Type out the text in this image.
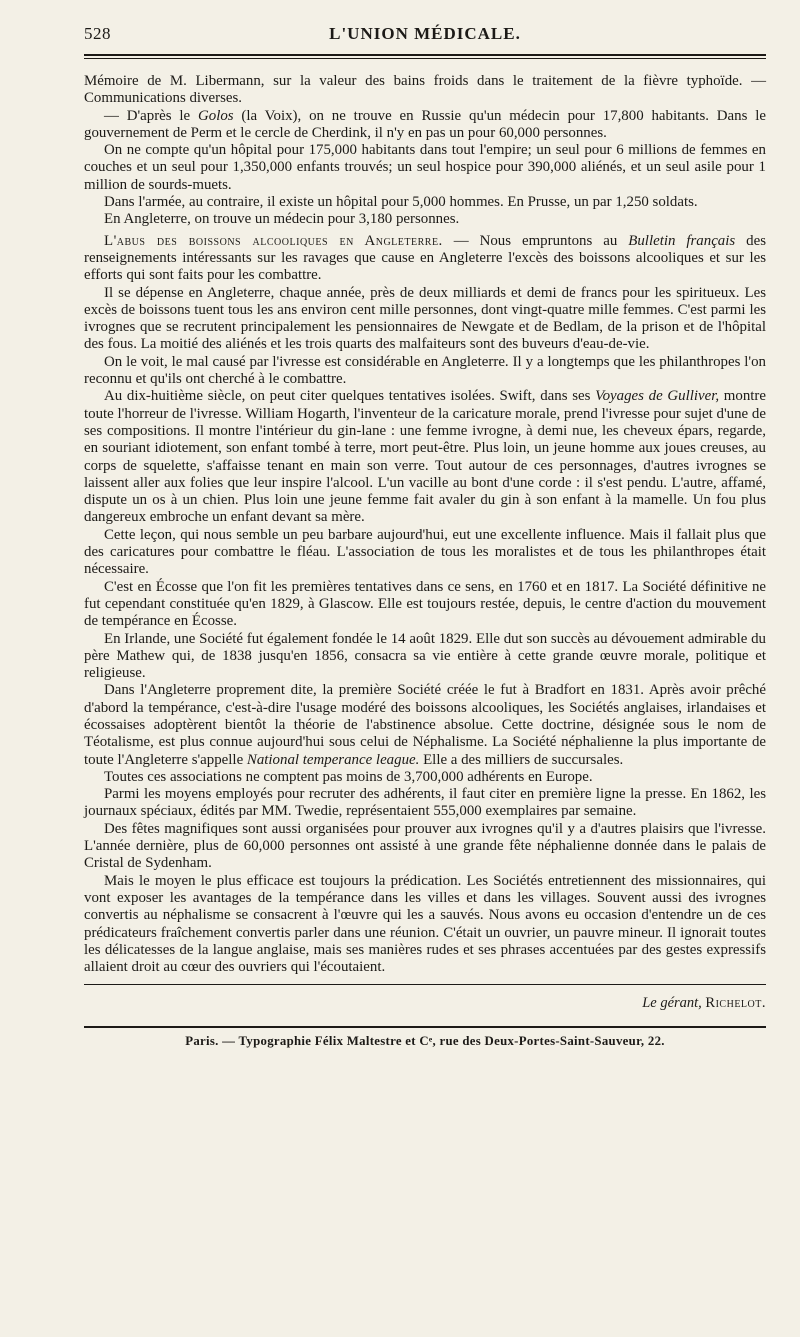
528	L'UNION MÉDICALE.

Mémoire de M. Libermann, sur la valeur des bains froids dans le traitement de la fièvre typhoïde. — Communications diverses.

— D'après le Golos (la Voix), on ne trouve en Russie qu'un médecin pour 17,800 habitants. Dans le gouvernement de Perm et le cercle de Cherdink, il n'y en pas un pour 60,000 personnes.

On ne compte qu'un hôpital pour 175,000 habitants dans tout l'empire; un seul pour 6 millions de femmes en couches et un seul pour 1,350,000 enfants trouvés; un seul hospice pour 390,000 aliénés, et un seul asile pour 1 million de sourds-muets.

Dans l'armée, au contraire, il existe un hôpital pour 5,000 hommes. En Prusse, un par 1,250 soldats.

En Angleterre, on trouve un médecin pour 3,180 personnes.

L'abus des boissons alcooliques en Angleterre. — Nous empruntons au Bulletin français des renseignements intéressants sur les ravages que cause en Angleterre l'excès des boissons alcooliques et sur les efforts qui sont faits pour les combattre.

Il se dépense en Angleterre, chaque année, près de deux milliards et demi de francs pour les spiritueux. Les excès de boissons tuent tous les ans environ cent mille personnes, dont vingt-quatre mille femmes. C'est parmi les ivrognes que se recrutent principalement les pensionnaires de Newgate et de Bedlam, de la prison et de l'hôpital des fous. La moitié des aliénés et les trois quarts des malfaiteurs sont des buveurs d'eau-de-vie.

On le voit, le mal causé par l'ivresse est considérable en Angleterre. Il y a longtemps que les philanthropes l'on reconnu et qu'ils ont cherché à le combattre.

Au dix-huitième siècle, on peut citer quelques tentatives isolées. Swift, dans ses Voyages de Gulliver, montre toute l'horreur de l'ivresse. William Hogarth, l'inventeur de la caricature morale, prend l'ivresse pour sujet d'une de ses compositions. Il montre l'intérieur du gin-lane : une femme ivrogne, à demi nue, les cheveux épars, regarde, en souriant idiotement, son enfant tombé à terre, mort peut-être. Plus loin, un jeune homme aux joues creuses, au corps de squelette, s'affaisse tenant en main son verre. Tout autour de ces personnages, d'autres ivrognes se laissent aller aux folies que leur inspire l'alcool. L'un vacille au bont d'une corde : il s'est pendu. L'autre, affamé, dispute un os à un chien. Plus loin une jeune femme fait avaler du gin à son enfant à la mamelle. Un fou plus dangereux embroche un enfant devant sa mère.

Cette leçon, qui nous semble un peu barbare aujourd'hui, eut une excellente influence. Mais il fallait plus que des caricatures pour combattre le fléau. L'association de tous les moralistes et de tous les philanthropes était nécessaire.

C'est en Écosse que l'on fit les premières tentatives dans ce sens, en 1760 et en 1817. La Société définitive ne fut cependant constituée qu'en 1829, à Glascow. Elle est toujours restée, depuis, le centre d'action du mouvement de tempérance en Écosse.

En Irlande, une Société fut également fondée le 14 août 1829. Elle dut son succès au dévouement admirable du père Mathew qui, de 1838 jusqu'en 1856, consacra sa vie entière à cette grande œuvre morale, politique et religieuse.

Dans l'Angleterre proprement dite, la première Société créée le fut à Bradfort en 1831. Après avoir prêché d'abord la tempérance, c'est-à-dire l'usage modéré des boissons alcooliques, les Sociétés anglaises, irlandaises et écossaises adoptèrent bientôt la théorie de l'abstinence absolue. Cette doctrine, désignée sous le nom de Téotalisme, est plus connue aujourd'hui sous celui de Néphalisme. La Société néphalienne la plus importante de toute l'Angleterre s'appelle National temperance league. Elle a des milliers de succursales.

Toutes ces associations ne comptent pas moins de 3,700,000 adhérents en Europe.

Parmi les moyens employés pour recruter des adhérents, il faut citer en première ligne la presse. En 1862, les journaux spéciaux, édités par MM. Twedie, représentaient 555,000 exemplaires par semaine.

Des fêtes magnifiques sont aussi organisées pour prouver aux ivrognes qu'il y a d'autres plaisirs que l'ivresse. L'année dernière, plus de 60,000 personnes ont assisté à une grande fête néphalienne donnée dans le palais de Cristal de Sydenham.

Mais le moyen le plus efficace est toujours la prédication. Les Sociétés entretiennent des missionnaires, qui vont exposer les avantages de la tempérance dans les villes et dans les villages. Souvent aussi des ivrognes convertis au néphalisme se consacrent à l'œuvre qui les a sauvés. Nous avons eu occasion d'entendre un de ces prédicateurs fraîchement convertis parler dans une réunion. C'était un ouvrier, un pauvre mineur. Il ignorait toutes les délicatesses de la langue anglaise, mais ses manières rudes et ses phrases accentuées par des gestes expressifs allaient droit au cœur des ouvriers qui l'écoutaient.

Le gérant, Richelot.
Paris. — Typographie Félix Maltestre et Cᵉ, rue des Deux-Portes-Saint-Sauveur, 22.
